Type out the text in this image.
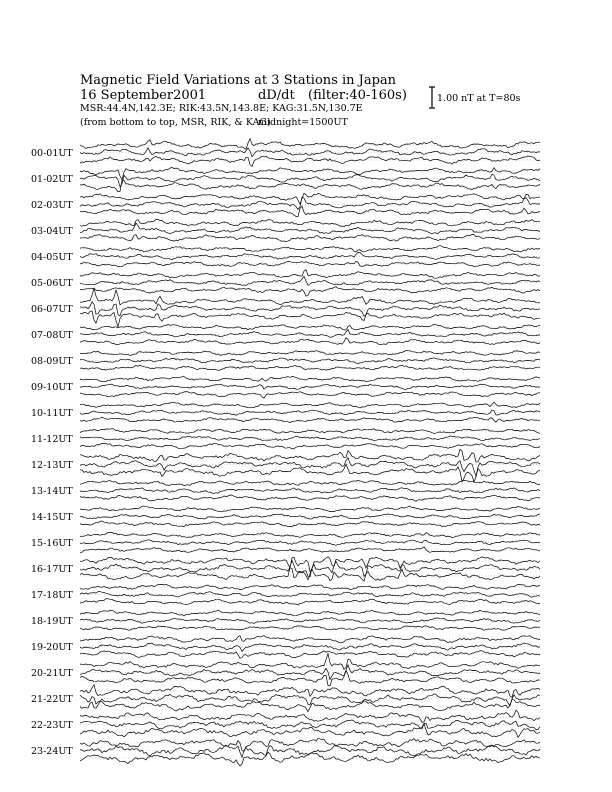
Magnetic Field Variations at 3 Stations in Japan
16 September2001	dD/dt (filter:40-160s)
MSR:44.4N,142.3E; RIK:43.5N,143.8E; KAG:31.5N,130.7E
(from bottom to top, MSR, RIK, & KAG)
midnight=1500UT
1.00 nT at T=80s
00-01UT
01-02UT
02-03UT
03-04UT
04-05UT
05-06UT
06-07UT
07-08UT
08-09UT
09-10UT
10-11UT
11-12UT
12-13UT
13-14UT
14-15UT
15-16UT
16-17UT
17-18UT
18-19UT
19-20UT
20-21UT
21-22UT
22-23UT
23-24UT
